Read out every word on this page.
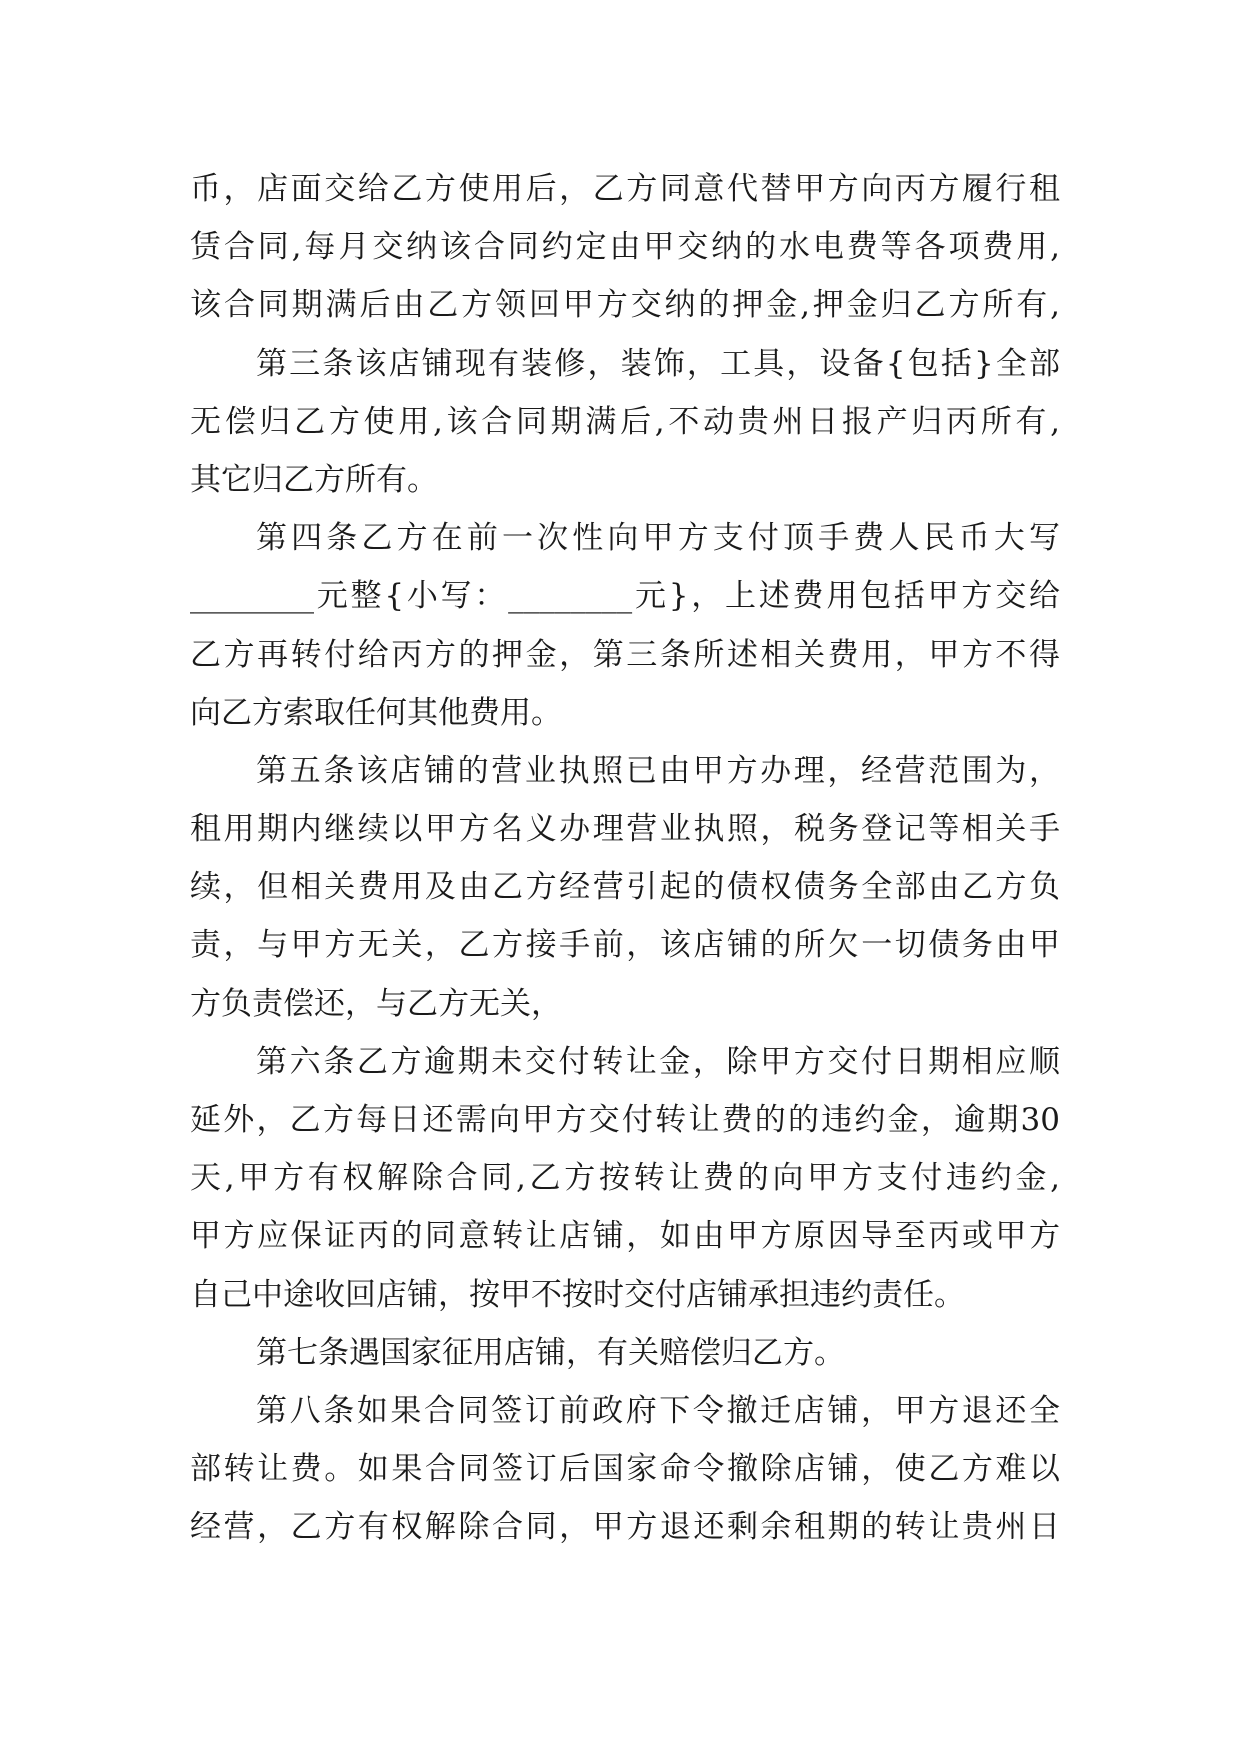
币，店面交给乙方使用后，乙方同意代替甲方向丙方履行租
赁合同,每月交纳该合同约定由甲交纳的水电费等各项费用,
该合同期满后由乙方领回甲方交纳的押金,押金归乙方所有,
第三条该店铺现有装修，装饰，工具，设备{包括}全部
无偿归乙方使用,该合同期满后,不动贵州日报产归丙所有,
其它归乙方所有。
第四条乙方在前一次性向甲方支付顶手费人民币大写
________元整{小写：________元}，上述费用包括甲方交给
乙方再转付给丙方的押金，第三条所述相关费用，甲方不得
向乙方索取任何其他费用。
第五条该店铺的营业执照已由甲方办理，经营范围为，
租用期内继续以甲方名义办理营业执照，税务登记等相关手
续，但相关费用及由乙方经营引起的债权债务全部由乙方负
责，与甲方无关，乙方接手前，该店铺的所欠一切债务由甲
方负责偿还，与乙方无关，
第六条乙方逾期未交付转让金，除甲方交付日期相应顺
延外，乙方每日还需向甲方交付转让费的的违约金，逾期30
天,甲方有权解除合同,乙方按转让费的向甲方支付违约金,
甲方应保证丙的同意转让店铺，如由甲方原因导至丙或甲方
自己中途收回店铺，按甲不按时交付店铺承担违约责任。
第七条遇国家征用店铺，有关赔偿归乙方。
第八条如果合同签订前政府下令撤迁店铺，甲方退还全
部转让费。如果合同签订后国家命令撤除店铺，使乙方难以
经营，乙方有权解除合同，甲方退还剩余租期的转让贵州日
